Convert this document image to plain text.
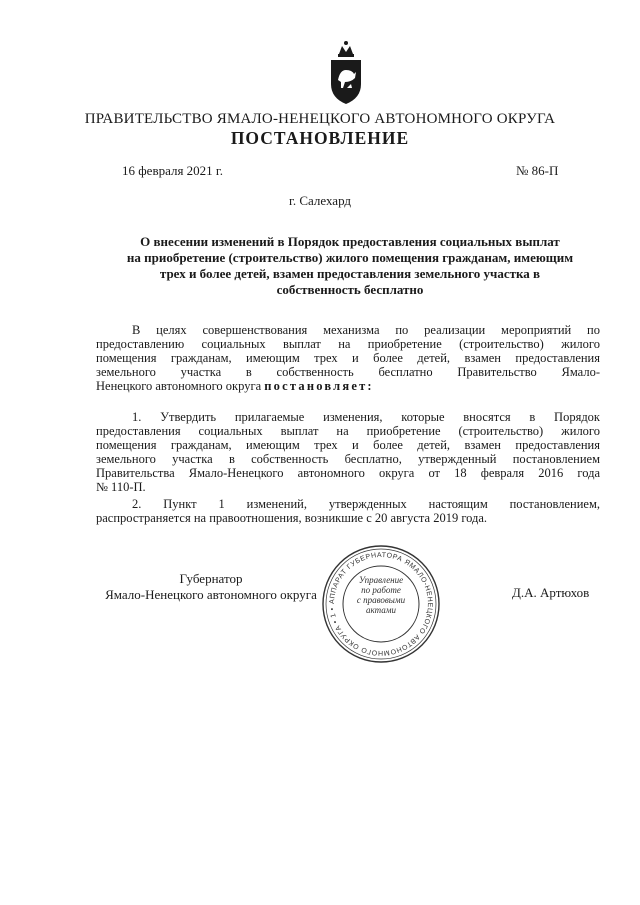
ПРАВИТЕЛЬСТВО ЯМАЛО-НЕНЕЦКОГО АВТОНОМНОГО ОКРУГА
ПОСТАНОВЛЕНИЕ
16 февраля 2021 г.	№ 86-П
г. Салехард
О внесении изменений в Порядок предоставления социальных выплат
на приобретение (строительство) жилого помещения гражданам, имеющим
трех и более детей, взамен предоставления земельного участка в
собственность бесплатно
В целях совершенствования механизма по реализации мероприятий по
предоставлению социальных выплат на приобретение (строительство) жилого
помещения гражданам, имеющим трех и более детей, взамен предоставления
земельного участка в собственность бесплатно Правительство Ямало-
Ненецкого автономного округа постановляет:
1. Утвердить прилагаемые изменения, которые вносятся в Порядок
предоставления социальных выплат на приобретение (строительство) жилого
помещения гражданам, имеющим трех и более детей, взамен предоставления
земельного участка в собственность бесплатно, утвержденный постановлением
Правительства Ямало-Ненецкого автономного округа от 18 февраля 2016 года
№ 110-П.
2. Пункт 1 изменений, утвержденных настоящим постановлением,
распространяется на правоотношения, возникшие с 20 августа 2019 года.
Губернатор
Ямало-Ненецкого автономного округа	Д.А. Артюхов
АППАРАТ ГУБЕРНАТОРА ЯМАЛО-НЕНЕЦКОГО АВТОНОМНОГО ОКРУГА • 1 •
Управление
по работе
с правовыми
актами
